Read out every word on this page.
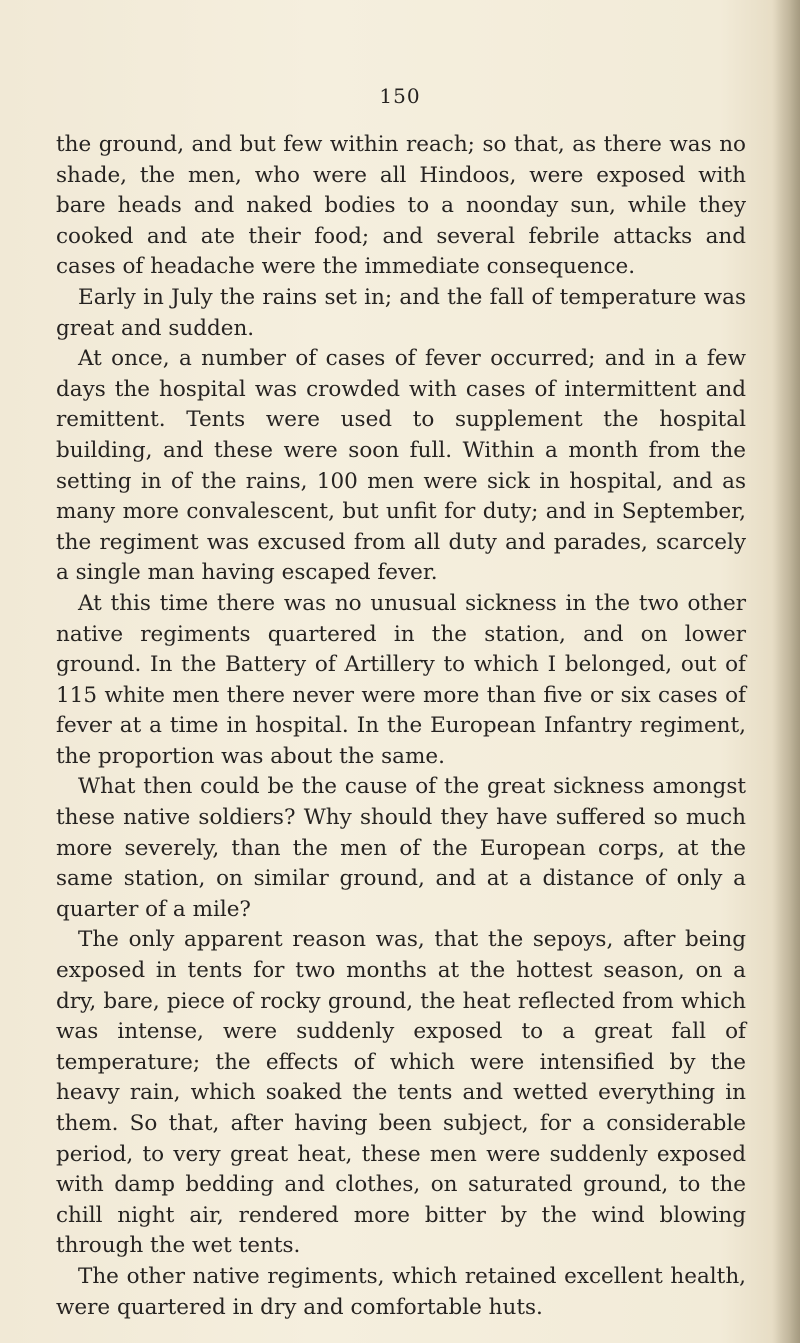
150

the ground, and but few within reach; so that, as there was no shade, the men, who were all Hindoos, were exposed with bare heads and naked bodies to a noonday sun, while they cooked and ate their food; and several febrile attacks and cases of headache were the immediate consequence.

Early in July the rains set in; and the fall of temperature was great and sudden.

At once, a number of cases of fever occurred; and in a few days the hospital was crowded with cases of intermittent and remittent. Tents were used to supplement the hospital building, and these were soon full. Within a month from the setting in of the rains, 100 men were sick in hospital, and as many more convalescent, but unfit for duty; and in September, the regiment was excused from all duty and parades, scarcely a single man having escaped fever.

At this time there was no unusual sickness in the two other native regiments quartered in the station, and on lower ground. In the Battery of Artillery to which I belonged, out of 115 white men there never were more than five or six cases of fever at a time in hospital. In the European Infantry regiment, the proportion was about the same.

What then could be the cause of the great sickness amongst these native soldiers? Why should they have suffered so much more severely, than the men of the European corps, at the same station, on similar ground, and at a distance of only a quarter of a mile?

The only apparent reason was, that the sepoys, after being exposed in tents for two months at the hottest season, on a dry, bare, piece of rocky ground, the heat reflected from which was intense, were suddenly exposed to a great fall of temperature; the effects of which were intensified by the heavy rain, which soaked the tents and wetted everything in them. So that, after having been subject, for a considerable period, to very great heat, these men were suddenly exposed with damp bedding and clothes, on saturated ground, to the chill night air, rendered more bitter by the wind blowing through the wet tents.

The other native regiments, which retained excellent health, were quartered in dry and comfortable huts.
